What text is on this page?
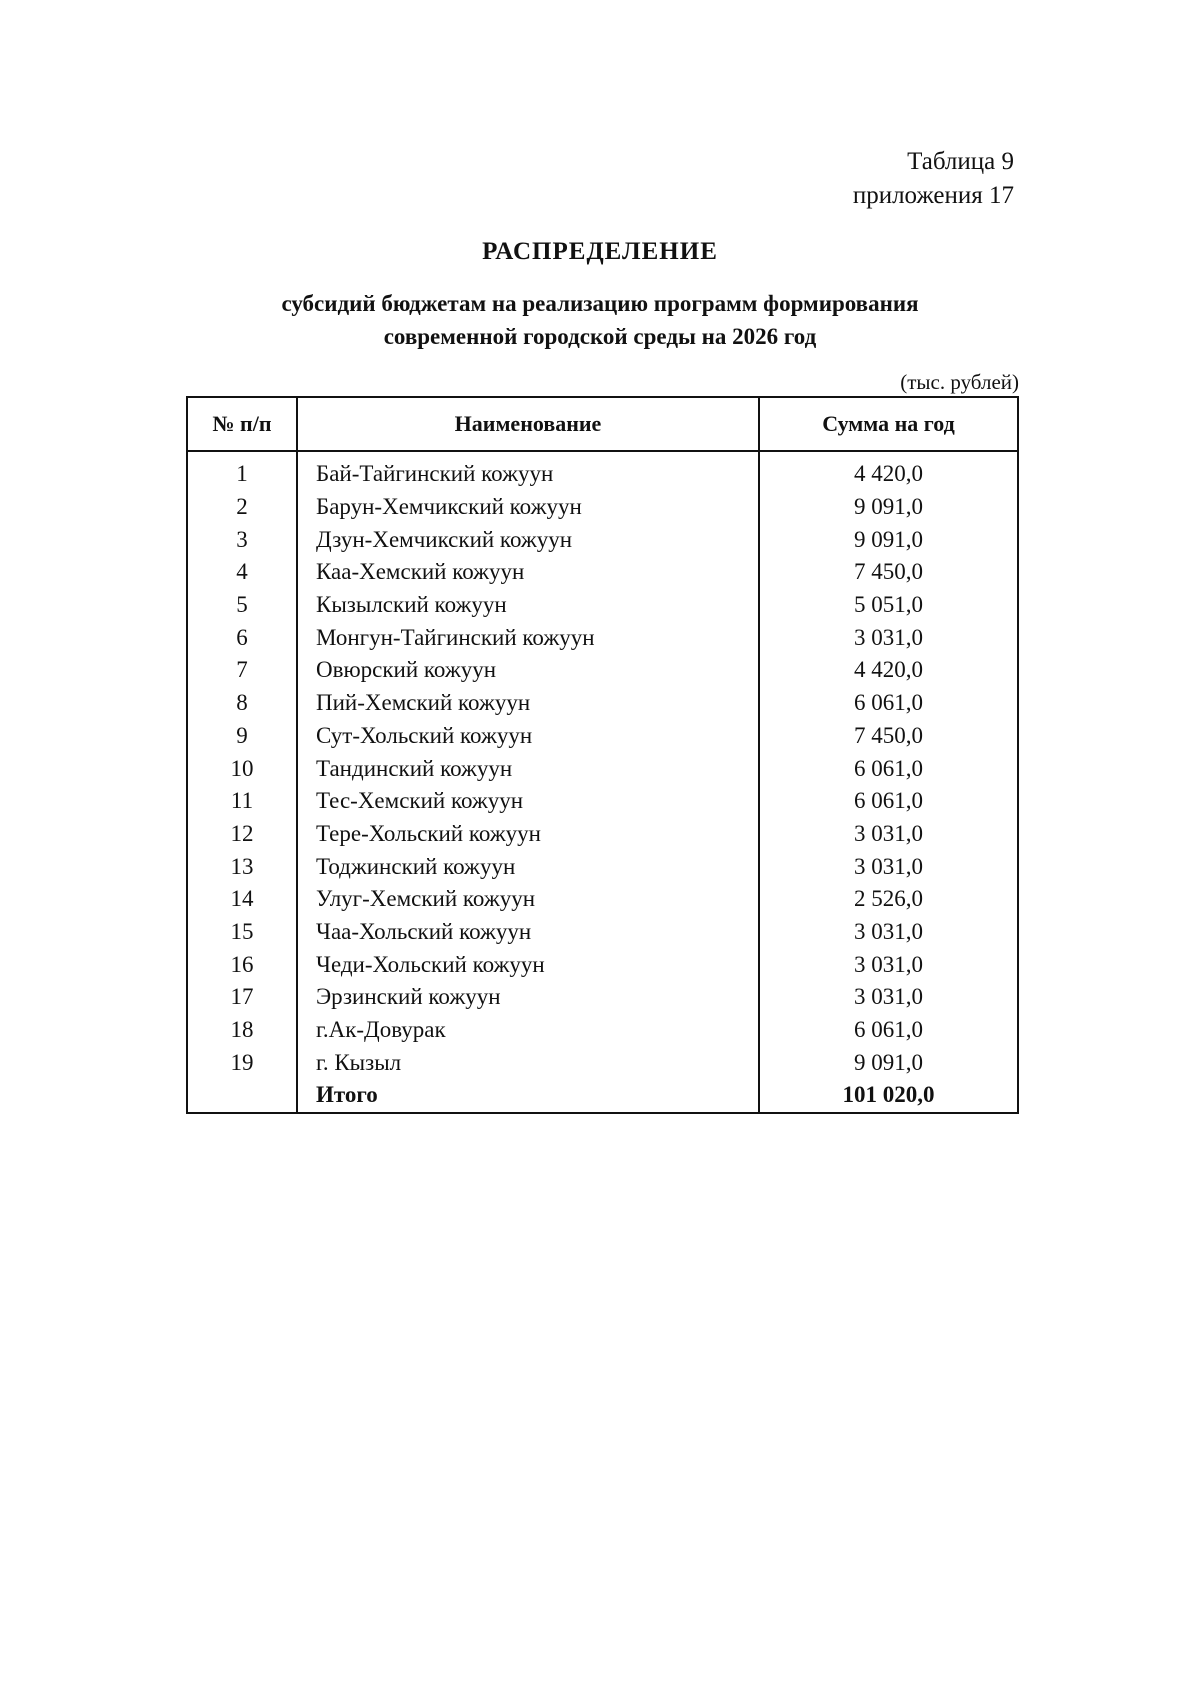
Таблица 9
приложения 17
РАСПРЕДЕЛЕНИЕ
субсидий бюджетам на реализацию программ формирования
современной городской среды на 2026 год
(тыс. рублей)
№ п/п	Наименование	Сумма на год
1	Бай-Тайгинский кожуун	4 420,0
2	Барун-Хемчикский кожуун	9 091,0
3	Дзун-Хемчикский кожуун	9 091,0
4	Каа-Хемский кожуун	7 450,0
5	Кызылский кожуун	5 051,0
6	Монгун-Тайгинский кожуун	3 031,0
7	Овюрский кожуун	4 420,0
8	Пий-Хемский кожуун	6 061,0
9	Сут-Хольский кожуун	7 450,0
10	Тандинский кожуун	6 061,0
11	Тес-Хемский кожуун	6 061,0
12	Тере-Хольский кожуун	3 031,0
13	Тоджинский кожуун	3 031,0
14	Улуг-Хемский кожуун	2 526,0
15	Чаа-Хольский кожуун	3 031,0
16	Чеди-Хольский кожуун	3 031,0
17	Эрзинский кожуун	3 031,0
18	г.Ак-Довурак	6 061,0
19	г. Кызыл	9 091,0
	Итого	101 020,0
